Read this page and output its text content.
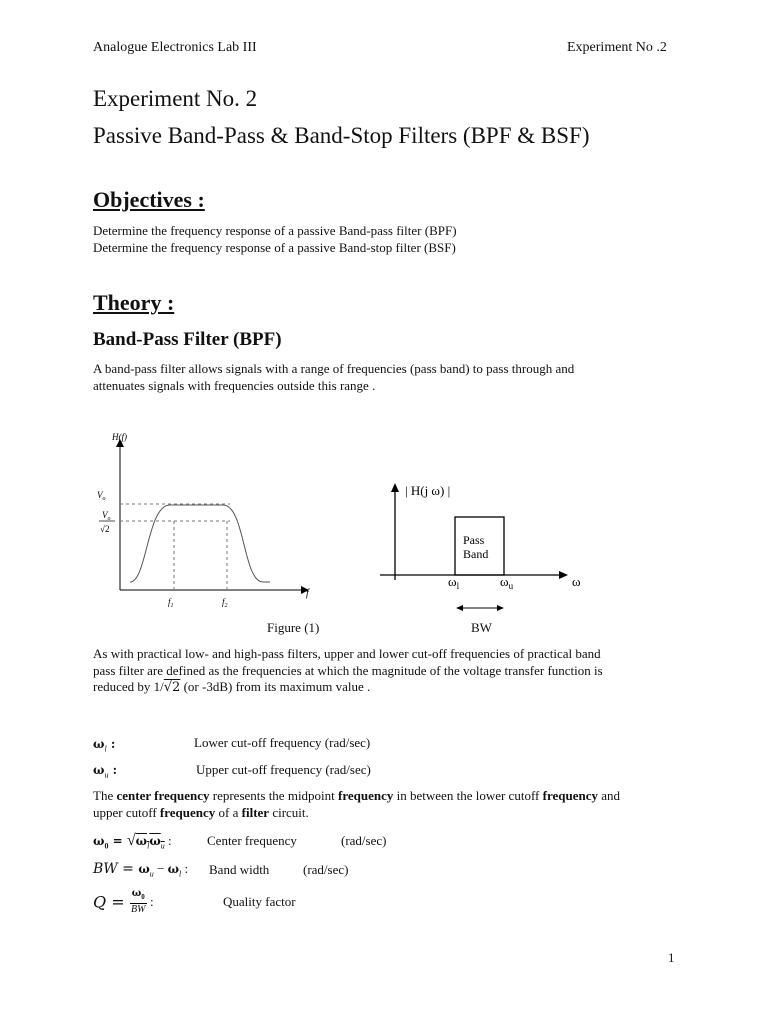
Analogue Electronics Lab III	Experiment No .2
Experiment No. 2
Passive Band-Pass & Band-Stop Filters (BPF & BSF)
Objectives :
Determine the frequency response of a passive Band-pass filter (BPF)
Determine the frequency response of a passive Band-stop filter (BSF)
Theory :
Band-Pass Filter (BPF)
A band-pass filter allows signals with a range of frequencies (pass band) to pass through and
attenuates signals with frequencies outside this range .
H(f)
$V_o$
$V_o$
√2
f
$f_1$	$f_2$
| H(j ω) |
Pass
Band
$\omega_l$	$\omega_u$	ω
Figure (1)	BW
As with practical low- and high-pass filters, upper and lower cut-off frequencies of practical band
pass filter are defined as the frequencies at which the magnitude of the voltage transfer function is
reduced by 1/√2 (or -3dB) from its maximum value .
$\omega_l$ :	Lower cut-off frequency (rad/sec)
$\omega_u$ :	Upper cut-off frequency (rad/sec)
The center frequency represents the midpoint frequency in between the lower cutoff frequency and
upper cutoff frequency of a filter circuit.
$\omega_0 = √\omega_l\omega_u$ :	Center frequency	(rad/sec)
BW = $\omega_u - \omega_l$ : Band width	(rad/sec)
$Q = \frac{\omega_0}{BW}$ :	Quality factor
1
